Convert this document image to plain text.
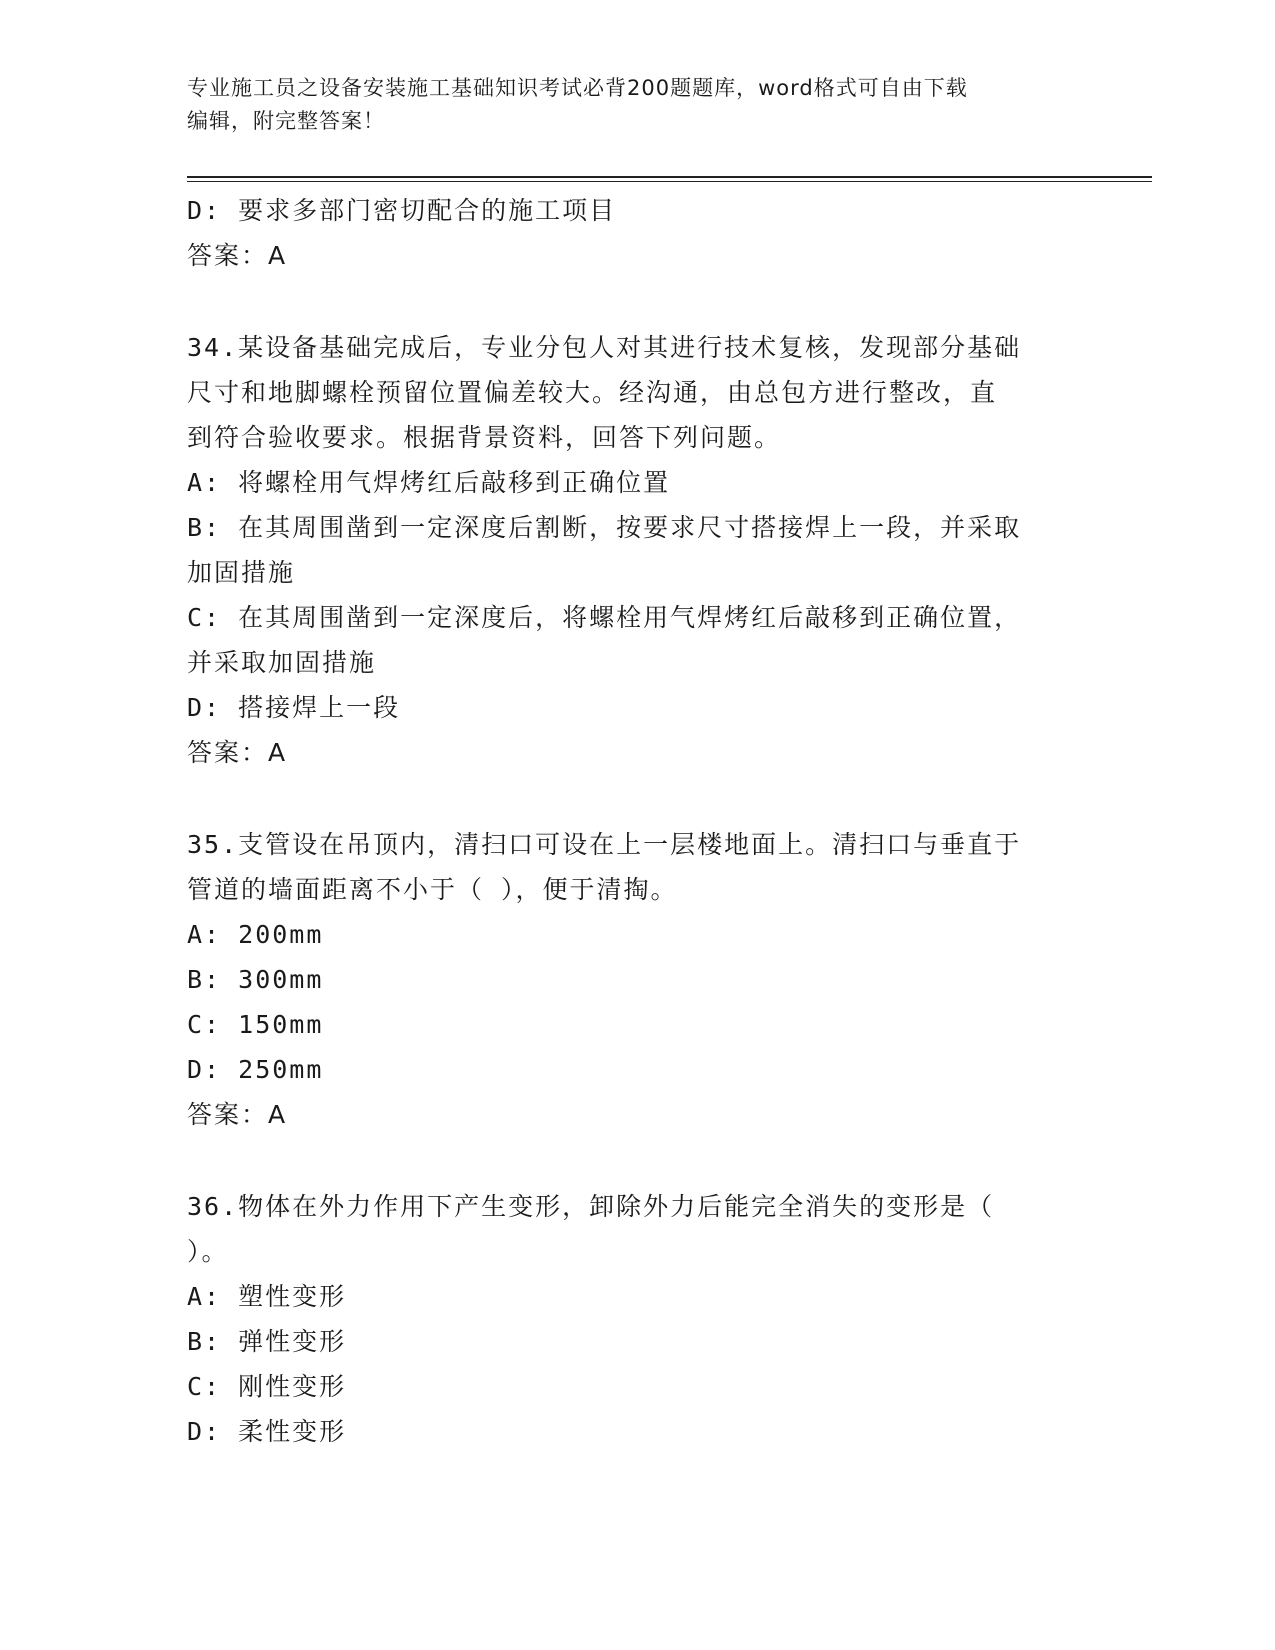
专业施工员之设备安装施工基础知识考试必背200题题库，word格式可自由下载
编辑，附完整答案！

D: 要求多部门密切配合的施工项目

答案：A

34.某设备基础完成后，专业分包人对其进行技术复核，发现部分基础

尺寸和地脚螺栓预留位置偏差较大。经沟通，由总包方进行整改，直

到符合验收要求。根据背景资料，回答下列问题。

A: 将螺栓用气焊烤红后敲移到正确位置

B: 在其周围凿到一定深度后割断，按要求尺寸搭接焊上一段，并采取

加固措施

C: 在其周围凿到一定深度后，将螺栓用气焊烤红后敲移到正确位置，

并采取加固措施

D: 搭接焊上一段

答案：A

35.支管设在吊顶内，清扫口可设在上一层楼地面上。清扫口与垂直于

管道的墙面距离不小于（ ），便于清掏。

A: 200mm

B: 300mm

C: 150mm

D: 250mm

答案：A

36.物体在外力作用下产生变形，卸除外力后能完全消失的变形是（

）。

A: 塑性变形

B: 弹性变形

C: 刚性变形

D: 柔性变形
